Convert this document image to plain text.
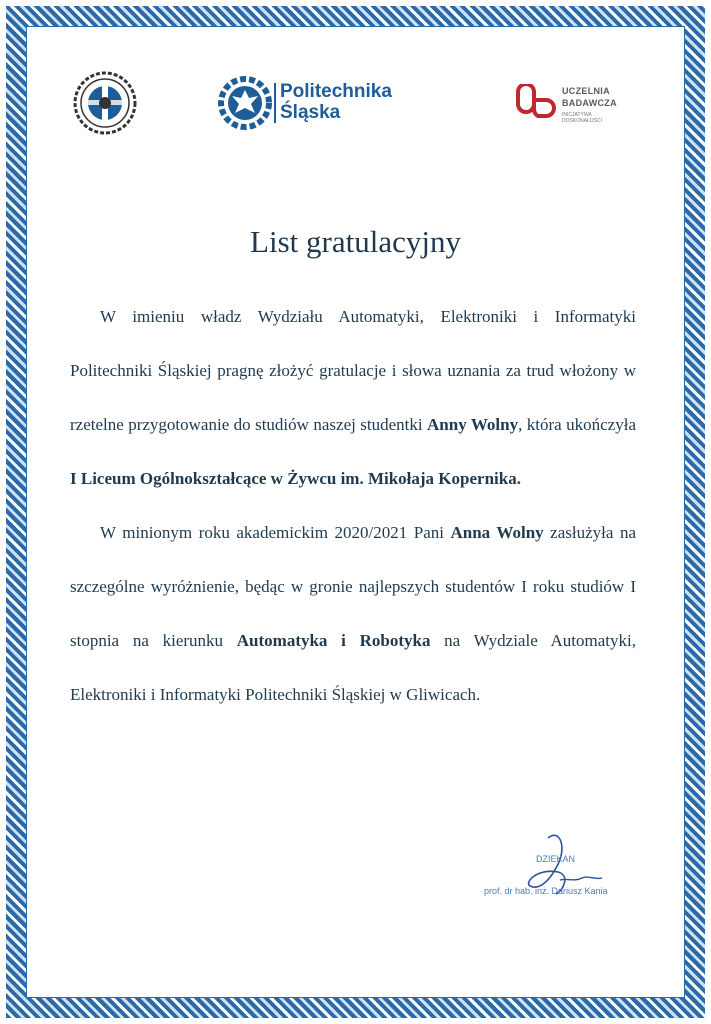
Politechnika
Śląska
UCZELNIA
BADAWCZA
INICJATYWA DOSKONAŁOŚCI
List gratulacyjny

W imieniu władz Wydziału Automatyki, Elektroniki i Informatyki Politechniki Śląskiej pragnę złożyć gratulacje i słowa uznania za trud włożony w rzetelne przygotowanie do studiów naszej studentki Anny Wolny, która ukończyła I Liceum Ogólnokształcące w Żywcu im. Mikołaja Kopernika.

W minionym roku akademickim 2020/2021 Pani Anna Wolny zasłużyła na szczególne wyróżnienie, będąc w gronie najlepszych studentów I roku studiów I stopnia na kierunku Automatyka i Robotyka na Wydziale Automatyki, Elektroniki i Informatyki Politechniki Śląskiej w Gliwicach.

DZIEKAN
prof. dr hab. inż. Dariusz Kania
